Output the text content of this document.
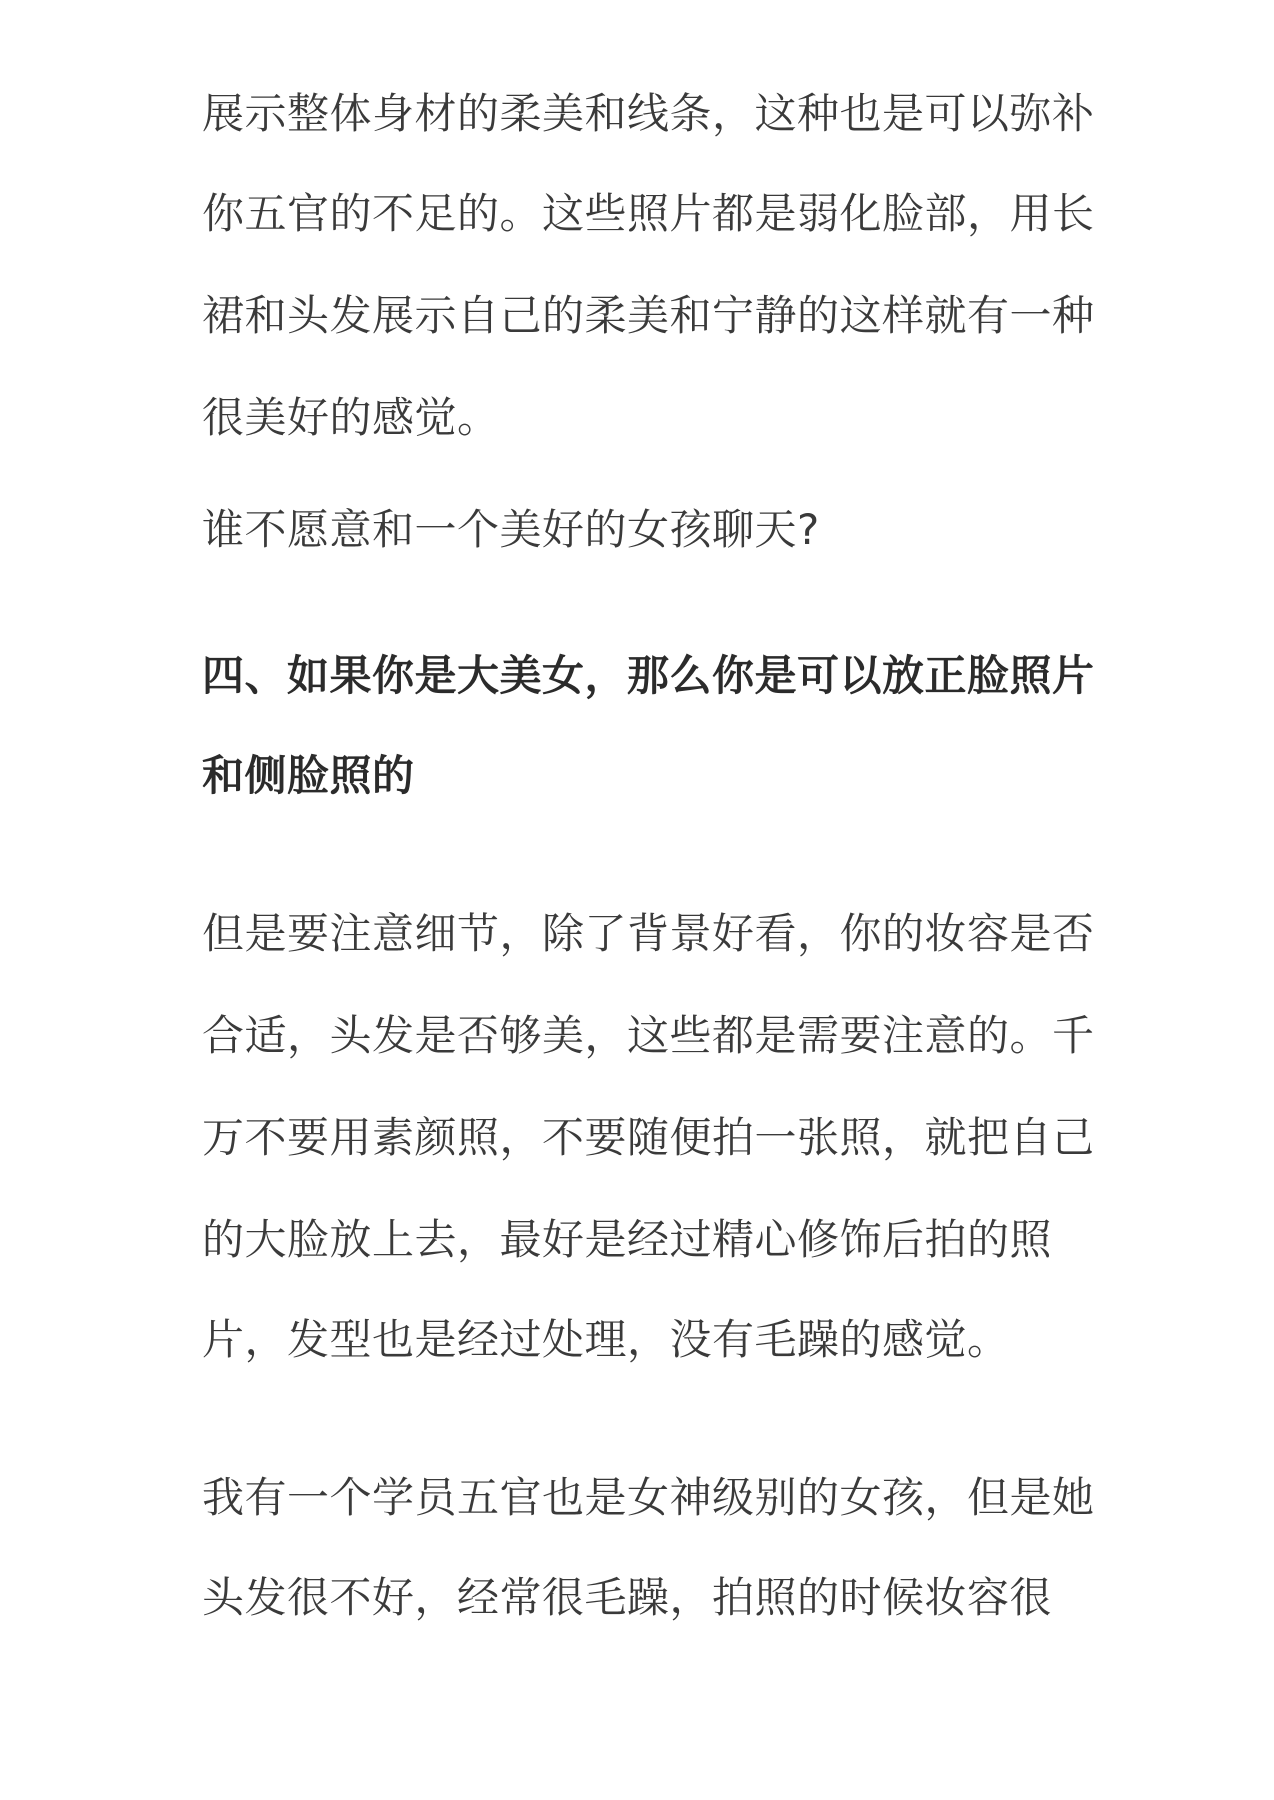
展示整体身材的柔美和线条，这种也是可以弥补
你五官的不足的。这些照片都是弱化脸部，用长
裙和头发展示自己的柔美和宁静的这样就有一种
很美好的感觉。
谁不愿意和一个美好的女孩聊天?
四、如果你是大美女，那么你是可以放正脸照片
和侧脸照的
但是要注意细节，除了背景好看，你的妆容是否
合适，头发是否够美，这些都是需要注意的。千
万不要用素颜照，不要随便拍一张照，就把自己
的大脸放上去，最好是经过精心修饰后拍的照
片，发型也是经过处理，没有毛躁的感觉。
我有一个学员五官也是女神级别的女孩，但是她
头发很不好，经常很毛躁，拍照的时候妆容很
